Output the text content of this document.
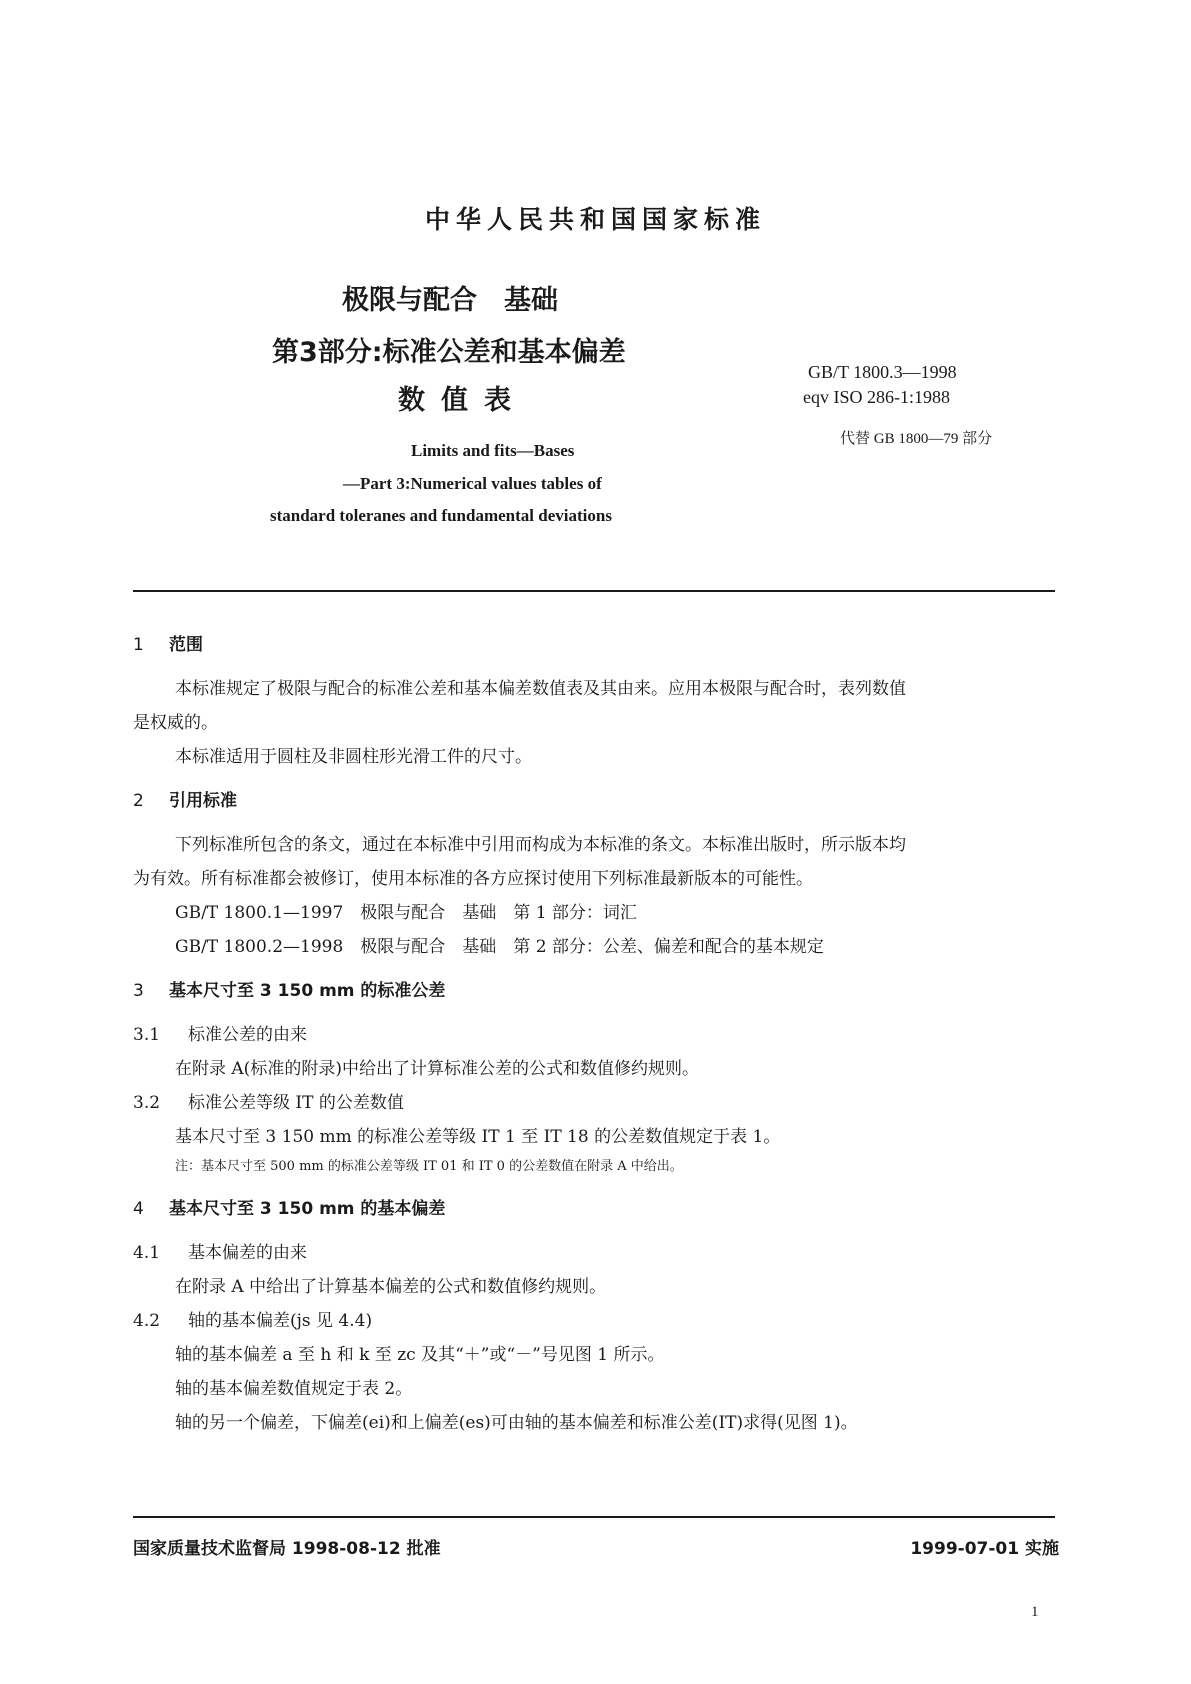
中华人民共和国国家标准
极限与配合　基础
第3部分:标准公差和基本偏差
数值表
GB/T 1800.3—1998
eqv ISO 286-1:1988
代替 GB 1800—79 部分
Limits and fits—Bases
—Part 3:Numerical values tables of
standard toleranes and fundamental deviations
1 范围
本标准规定了极限与配合的标准公差和基本偏差数值表及其由来。应用本极限与配合时，表列数值
是权威的。
本标准适用于圆柱及非圆柱形光滑工件的尺寸。
2 引用标准
下列标准所包含的条文，通过在本标准中引用而构成为本标准的条文。本标准出版时，所示版本均
为有效。所有标准都会被修订，使用本标准的各方应探讨使用下列标准最新版本的可能性。
GB/T 1800.1—1997　极限与配合　基础　第 1 部分：词汇
GB/T 1800.2—1998　极限与配合　基础　第 2 部分：公差、偏差和配合的基本规定
3 基本尺寸至 3 150 mm 的标准公差
3.1 标准公差的由来
在附录 A(标准的附录)中给出了计算标准公差的公式和数值修约规则。
3.2 标准公差等级 IT 的公差数值
基本尺寸至 3 150 mm 的标准公差等级 IT 1 至 IT 18 的公差数值规定于表 1。
注：基本尺寸至 500 mm 的标准公差等级 IT 01 和 IT 0 的公差数值在附录 A 中给出。
4 基本尺寸至 3 150 mm 的基本偏差
4.1 基本偏差的由来
在附录 A 中给出了计算基本偏差的公式和数值修约规则。
4.2 轴的基本偏差(js 见 4.4)
轴的基本偏差 a 至 h 和 k 至 zc 及其“＋”或“－”号见图 1 所示。
轴的基本偏差数值规定于表 2。
轴的另一个偏差，下偏差(ei)和上偏差(es)可由轴的基本偏差和标准公差(IT)求得(见图 1)。
国家质量技术监督局 1998-08-12 批准	1999-07-01 实施
1
